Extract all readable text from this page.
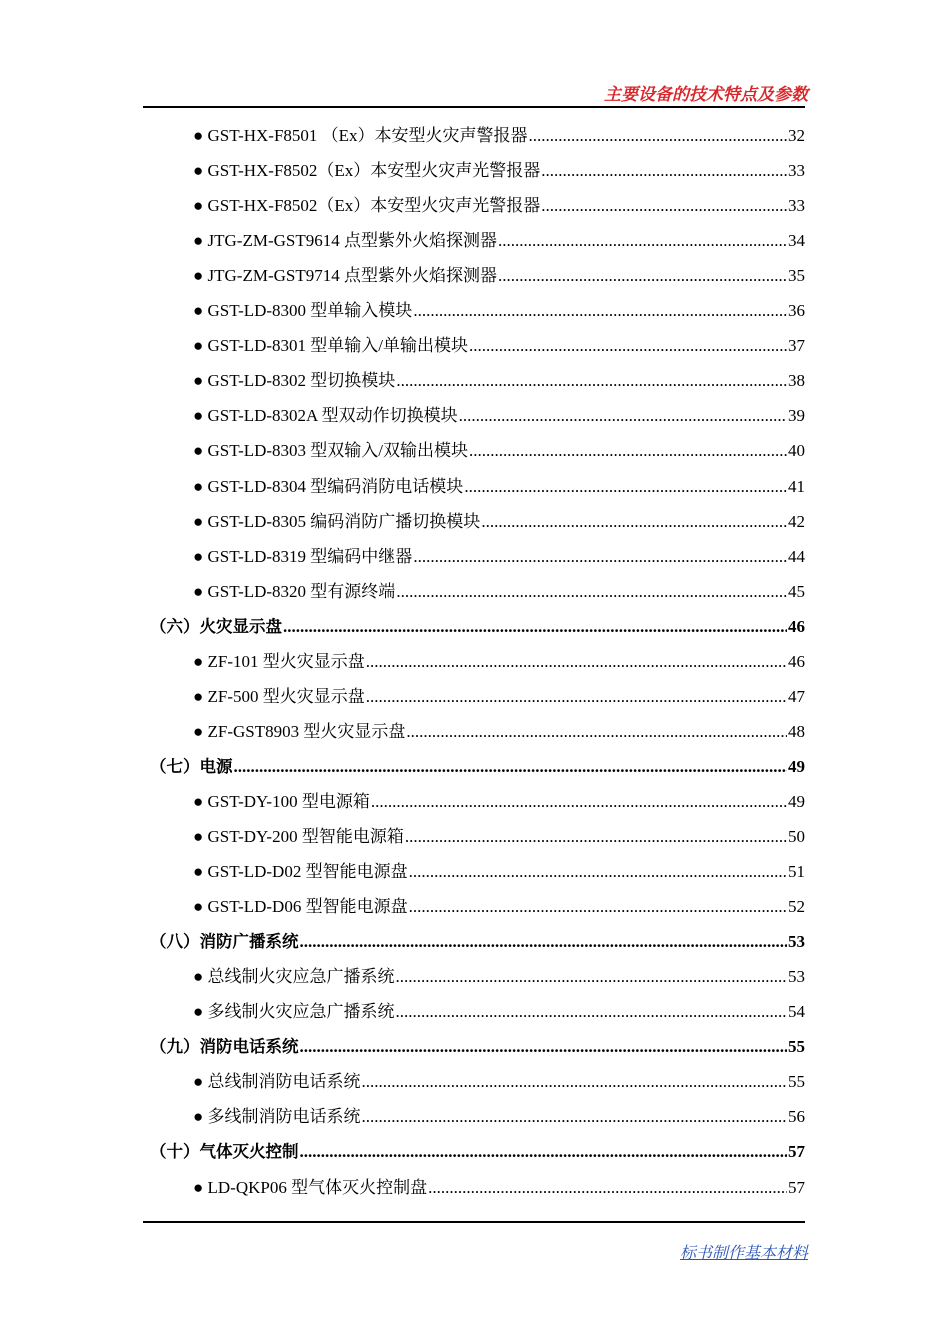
主要设备的技术特点及参数
● GST-HX-F8501 （Ex）本安型火灾声警报器 .....	32
● GST-HX-F8502（Ex）本安型火灾声光警报器 .....	33
● GST-HX-F8502（Ex）本安型火灾声光警报器 .....	33
● JTG-ZM-GST9614 点型紫外火焰探测器 .....	34
● JTG-ZM-GST9714 点型紫外火焰探测器 .....	35
● GST-LD-8300 型单输入模块 .....	36
● GST-LD-8301 型单输入/单输出模块 .....	37
● GST-LD-8302 型切换模块 .....	38
● GST-LD-8302A 型双动作切换模块 .....	39
● GST-LD-8303 型双输入/双输出模块 .....	40
● GST-LD-8304 型编码消防电话模块 .....	41
● GST-LD-8305 编码消防广播切换模块 .....	42
● GST-LD-8319 型编码中继器 .....	44
● GST-LD-8320 型有源终端 .....	45
（六）火灾显示盘 .....	46
● ZF-101 型火灾显示盘 .....	46
● ZF-500 型火灾显示盘 .....	47
● ZF-GST8903 型火灾显示盘 .....	48
（七）电源 .....	49
● GST-DY-100 型电源箱 .....	49
● GST-DY-200 型智能电源箱 .....	50
● GST-LD-D02 型智能电源盘 .....	51
● GST-LD-D06 型智能电源盘 .....	52
（八）消防广播系统 .....	53
● 总线制火灾应急广播系统 .....	53
● 多线制火灾应急广播系统 .....	54
（九）消防电话系统 .....	55
● 总线制消防电话系统 .....	55
● 多线制消防电话系统 .....	56
（十）气体灭火控制 .....	57
● LD-QKP06 型气体灭火控制盘 .....	57
标书制作基本材料
